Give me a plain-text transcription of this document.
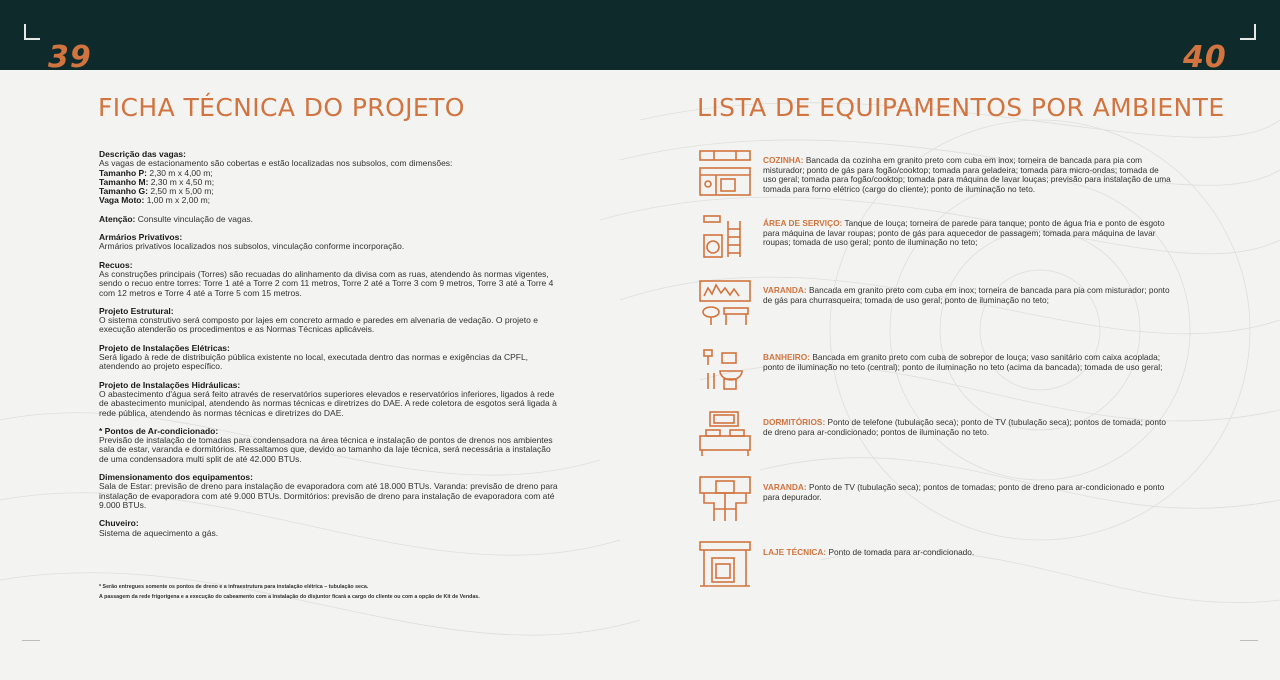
39	40
FICHA TÉCNICA DO PROJETO	LISTA DE EQUIPAMENTOS POR AMBIENTE
Descrição das vagas:
As vagas de estacionamento são cobertas e estão localizadas nos subsolos, com dimensões:
Tamanho P: 2,30 m x 4,00 m;
Tamanho M: 2,30 m x 4,50 m;
Tamanho G: 2,50 m x 5,00 m;
Vaga Moto: 1,00 m x 2,00 m;
Atenção: Consulte vinculação de vagas.
Armários Privativos:
Armários privativos localizados nos subsolos, vinculação conforme incorporação.
Recuos:
As construções principais (Torres) são recuadas do alinhamento da divisa com as ruas, atendendo às normas vigentes, sendo o recuo entre torres: Torre 1 até a Torre 2 com 11 metros, Torre 2 até a Torre 3 com 9 metros, Torre 3 até a Torre 4 com 12 metros e Torre 4 até a Torre 5 com 15 metros.
Projeto Estrutural:
O sistema construtivo será composto por lajes em concreto armado e paredes em alvenaria de vedação. O projeto e execução atenderão os procedimentos e as Normas Técnicas aplicáveis.
Projeto de Instalações Elétricas:
Será ligado à rede de distribuição pública existente no local, executada dentro das normas e exigências da CPFL, atendendo ao projeto específico.
Projeto de Instalações Hidráulicas:
O abastecimento d'água será feito através de reservatórios superiores elevados e reservatórios inferiores, ligados à rede de abastecimento municipal, atendendo às normas técnicas e diretrizes do DAE. A rede coletora de esgotos será ligada à rede pública, atendendo às normas técnicas e diretrizes do DAE.
* Pontos de Ar-condicionado:
Previsão de instalação de tomadas para condensadora na área técnica e instalação de pontos de drenos nos ambientes sala de estar, varanda e dormitórios. Ressaltamos que, devido ao tamanho da laje técnica, será necessária a instalação de uma condensadora multi split de até 42.000 BTUs.
Dimensionamento dos equipamentos:
Sala de Estar: previsão de dreno para instalação de evaporadora com até 18.000 BTUs. Varanda: previsão de dreno para instalação de evaporadora com até 9.000 BTUs. Dormitórios: previsão de dreno para instalação de evaporadora com até 9.000 BTUs.
Chuveiro:
Sistema de aquecimento a gás.
* Serão entregues somente os pontos de dreno e a infraestrutura para instalação elétrica – tubulação seca.
A passagem da rede frigorígena e a execução do cabeamento com a instalação do disjuntor ficará a cargo do cliente ou com a opção de Kit de Vendas.
COZINHA: Bancada da cozinha em granito preto com cuba em inox; torneira de bancada para pia com misturador; ponto de gás para fogão/cooktop; tomada para geladeira; tomada para micro-ondas; tomada de uso geral; tomada para fogão/cooktop; tomada para máquina de lavar louças; previsão para instalação de uma tomada para forno elétrico (cargo do cliente); ponto de iluminação no teto.
ÁREA DE SERVIÇO: Tanque de louça; torneira de parede para tanque; ponto de água fria e ponto de esgoto para máquina de lavar roupas; ponto de gás para aquecedor de passagem; tomada para máquina de lavar roupas; tomada de uso geral; ponto de iluminação no teto;
VARANDA: Bancada em granito preto com cuba em inox; torneira de bancada para pia com misturador; ponto de gás para churrasqueira; tomada de uso geral; ponto de iluminação no teto;
BANHEIRO: Bancada em granito preto com cuba de sobrepor de louça; vaso sanitário com caixa acoplada; ponto de iluminação no teto (central); ponto de iluminação no teto (acima da bancada); tomada de uso geral;
DORMITÓRIOS: Ponto de telefone (tubulação seca); ponto de TV (tubulação seca); pontos de tomada; ponto de dreno para ar-condicionado; pontos de iluminação no teto.
VARANDA: Ponto de TV (tubulação seca); pontos de tomadas; ponto de dreno para ar-condicionado e ponto para depurador.
LAJE TÉCNICA: Ponto de tomada para ar-condicionado.
